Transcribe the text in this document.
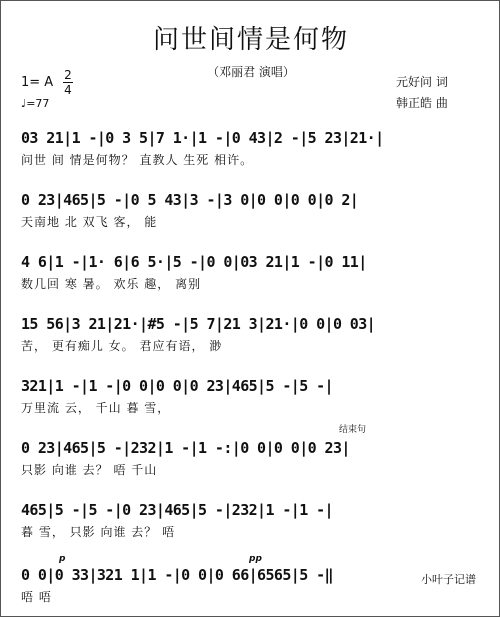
问世间情是何物
（邓丽君 演唱）
1= A 2
4
♩=77
元好问 词
韩正皓 曲
03 21|1 -|0 3 5|7 1·|1 -|0 43|2 -|5 23|21·|
问世 间 情是何物？ 直教人 生死 相许。
0 23|465|5 -|0 5 43|3 -|3 0|0 0|0 0|0 2|
天南地 北 双飞 客， 能
4 6|1 -|1· 6|6 5·|5 -|0 0|03 21|1 -|0 11|
数几回 寒 暑。 欢乐 趣， 离别
15 56|3 21|21·|#5 -|5 7|21 3|21·|0 0|0 03|
苦， 更有痴儿 女。 君应有语， 渺
321|1 -|1 -|0 0|0 0|0 23|465|5 -|5 -|
万里流 云， 千山 暮 雪，
结束句
0 23|465|5 -|232|1 -|1 -:|0 0|0 0|0 23|
只影 向谁 去？ 唔 千山
465|5 -|5 -|0 23|465|5 -|232|1 -|1 -|
暮 雪， 只影 向谁 去？ 唔
p	pp
0 0|0 33|321 1|1 -|0 0|0 66|6565|5 -‖
唔 唔
小叶子记谱
